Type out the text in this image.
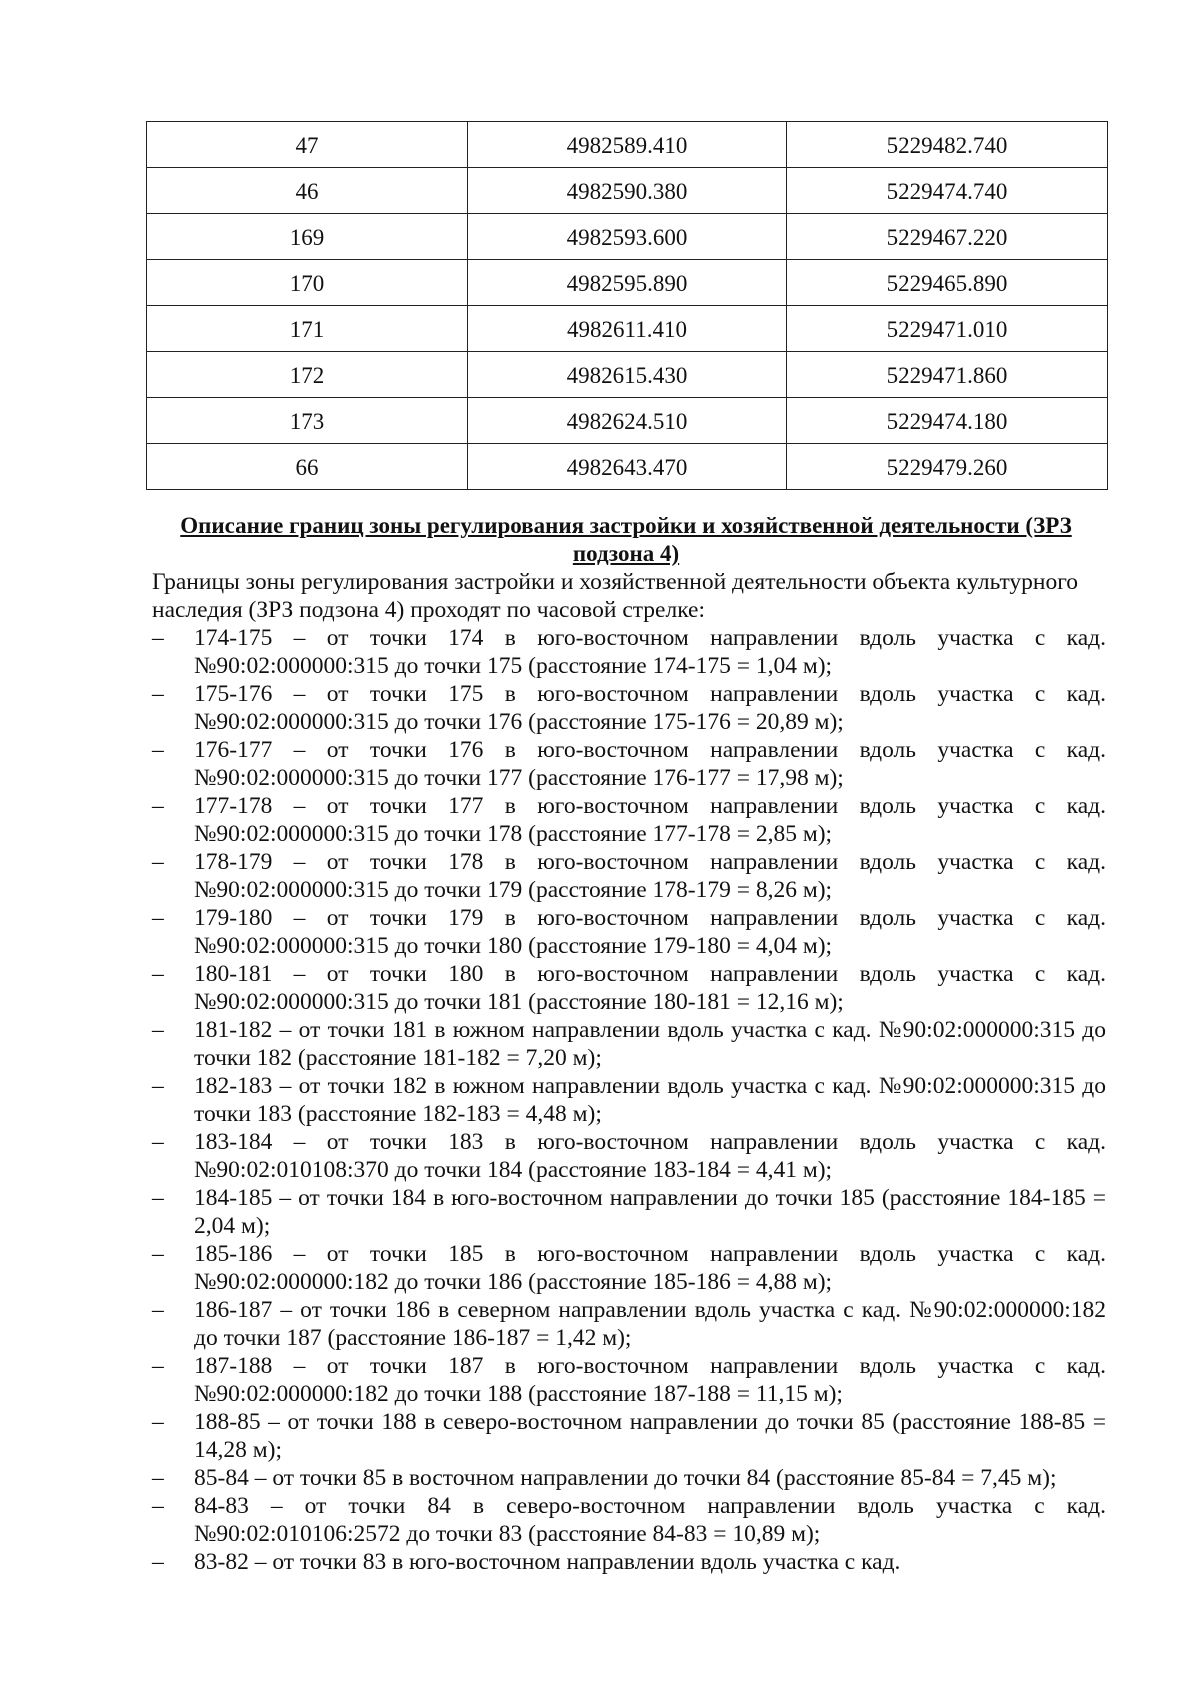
47	4982589.410	5229482.740
46	4982590.380	5229474.740
169	4982593.600	5229467.220
170	4982595.890	5229465.890
171	4982611.410	5229471.010
172	4982615.430	5229471.860
173	4982624.510	5229474.180
66	4982643.470	5229479.260
Описание границ зоны регулирования застройки и хозяйственной деятельности (ЗРЗ подзона 4)
Границы зоны регулирования застройки и хозяйственной деятельности объекта культурного наследия (ЗРЗ подзона 4) проходят по часовой стрелке:
– 174-175 – от точки 174 в юго-восточном направлении вдоль участка с кад. №90:02:000000:315 до точки 175 (расстояние 174-175 = 1,04 м);
– 175-176 – от точки 175 в юго-восточном направлении вдоль участка с кад. №90:02:000000:315 до точки 176 (расстояние 175-176 = 20,89 м);
– 176-177 – от точки 176 в юго-восточном направлении вдоль участка с кад. №90:02:000000:315 до точки 177 (расстояние 176-177 = 17,98 м);
– 177-178 – от точки 177 в юго-восточном направлении вдоль участка с кад. №90:02:000000:315 до точки 178 (расстояние 177-178 = 2,85 м);
– 178-179 – от точки 178 в юго-восточном направлении вдоль участка с кад. №90:02:000000:315 до точки 179 (расстояние 178-179 = 8,26 м);
– 179-180 – от точки 179 в юго-восточном направлении вдоль участка с кад. №90:02:000000:315 до точки 180 (расстояние 179-180 = 4,04 м);
– 180-181 – от точки 180 в юго-восточном направлении вдоль участка с кад. №90:02:000000:315 до точки 181 (расстояние 180-181 = 12,16 м);
– 181-182 – от точки 181 в южном направлении вдоль участка с кад. №90:02:000000:315 до точки 182 (расстояние 181-182 = 7,20 м);
– 182-183 – от точки 182 в южном направлении вдоль участка с кад. №90:02:000000:315 до точки 183 (расстояние 182-183 = 4,48 м);
– 183-184 – от точки 183 в юго-восточном направлении вдоль участка с кад. №90:02:010108:370 до точки 184 (расстояние 183-184 = 4,41 м);
– 184-185 – от точки 184 в юго-восточном направлении до точки 185 (расстояние 184-185 = 2,04 м);
– 185-186 – от точки 185 в юго-восточном направлении вдоль участка с кад. №90:02:000000:182 до точки 186 (расстояние 185-186 = 4,88 м);
– 186-187 – от точки 186 в северном направлении вдоль участка с кад. №90:02:000000:182 до точки 187 (расстояние 186-187 = 1,42 м);
– 187-188 – от точки 187 в юго-восточном направлении вдоль участка с кад. №90:02:000000:182 до точки 188 (расстояние 187-188 = 11,15 м);
– 188-85 – от точки 188 в северо-восточном направлении до точки 85 (расстояние 188-85 = 14,28 м);
– 85-84 – от точки 85 в восточном направлении до точки 84 (расстояние 85-84 = 7,45 м);
– 84-83 – от точки 84 в северо-восточном направлении вдоль участка с кад. №90:02:010106:2572 до точки 83 (расстояние 84-83 = 10,89 м);
– 83-82 – от точки 83 в юго-восточном направлении вдоль участка с кад.
